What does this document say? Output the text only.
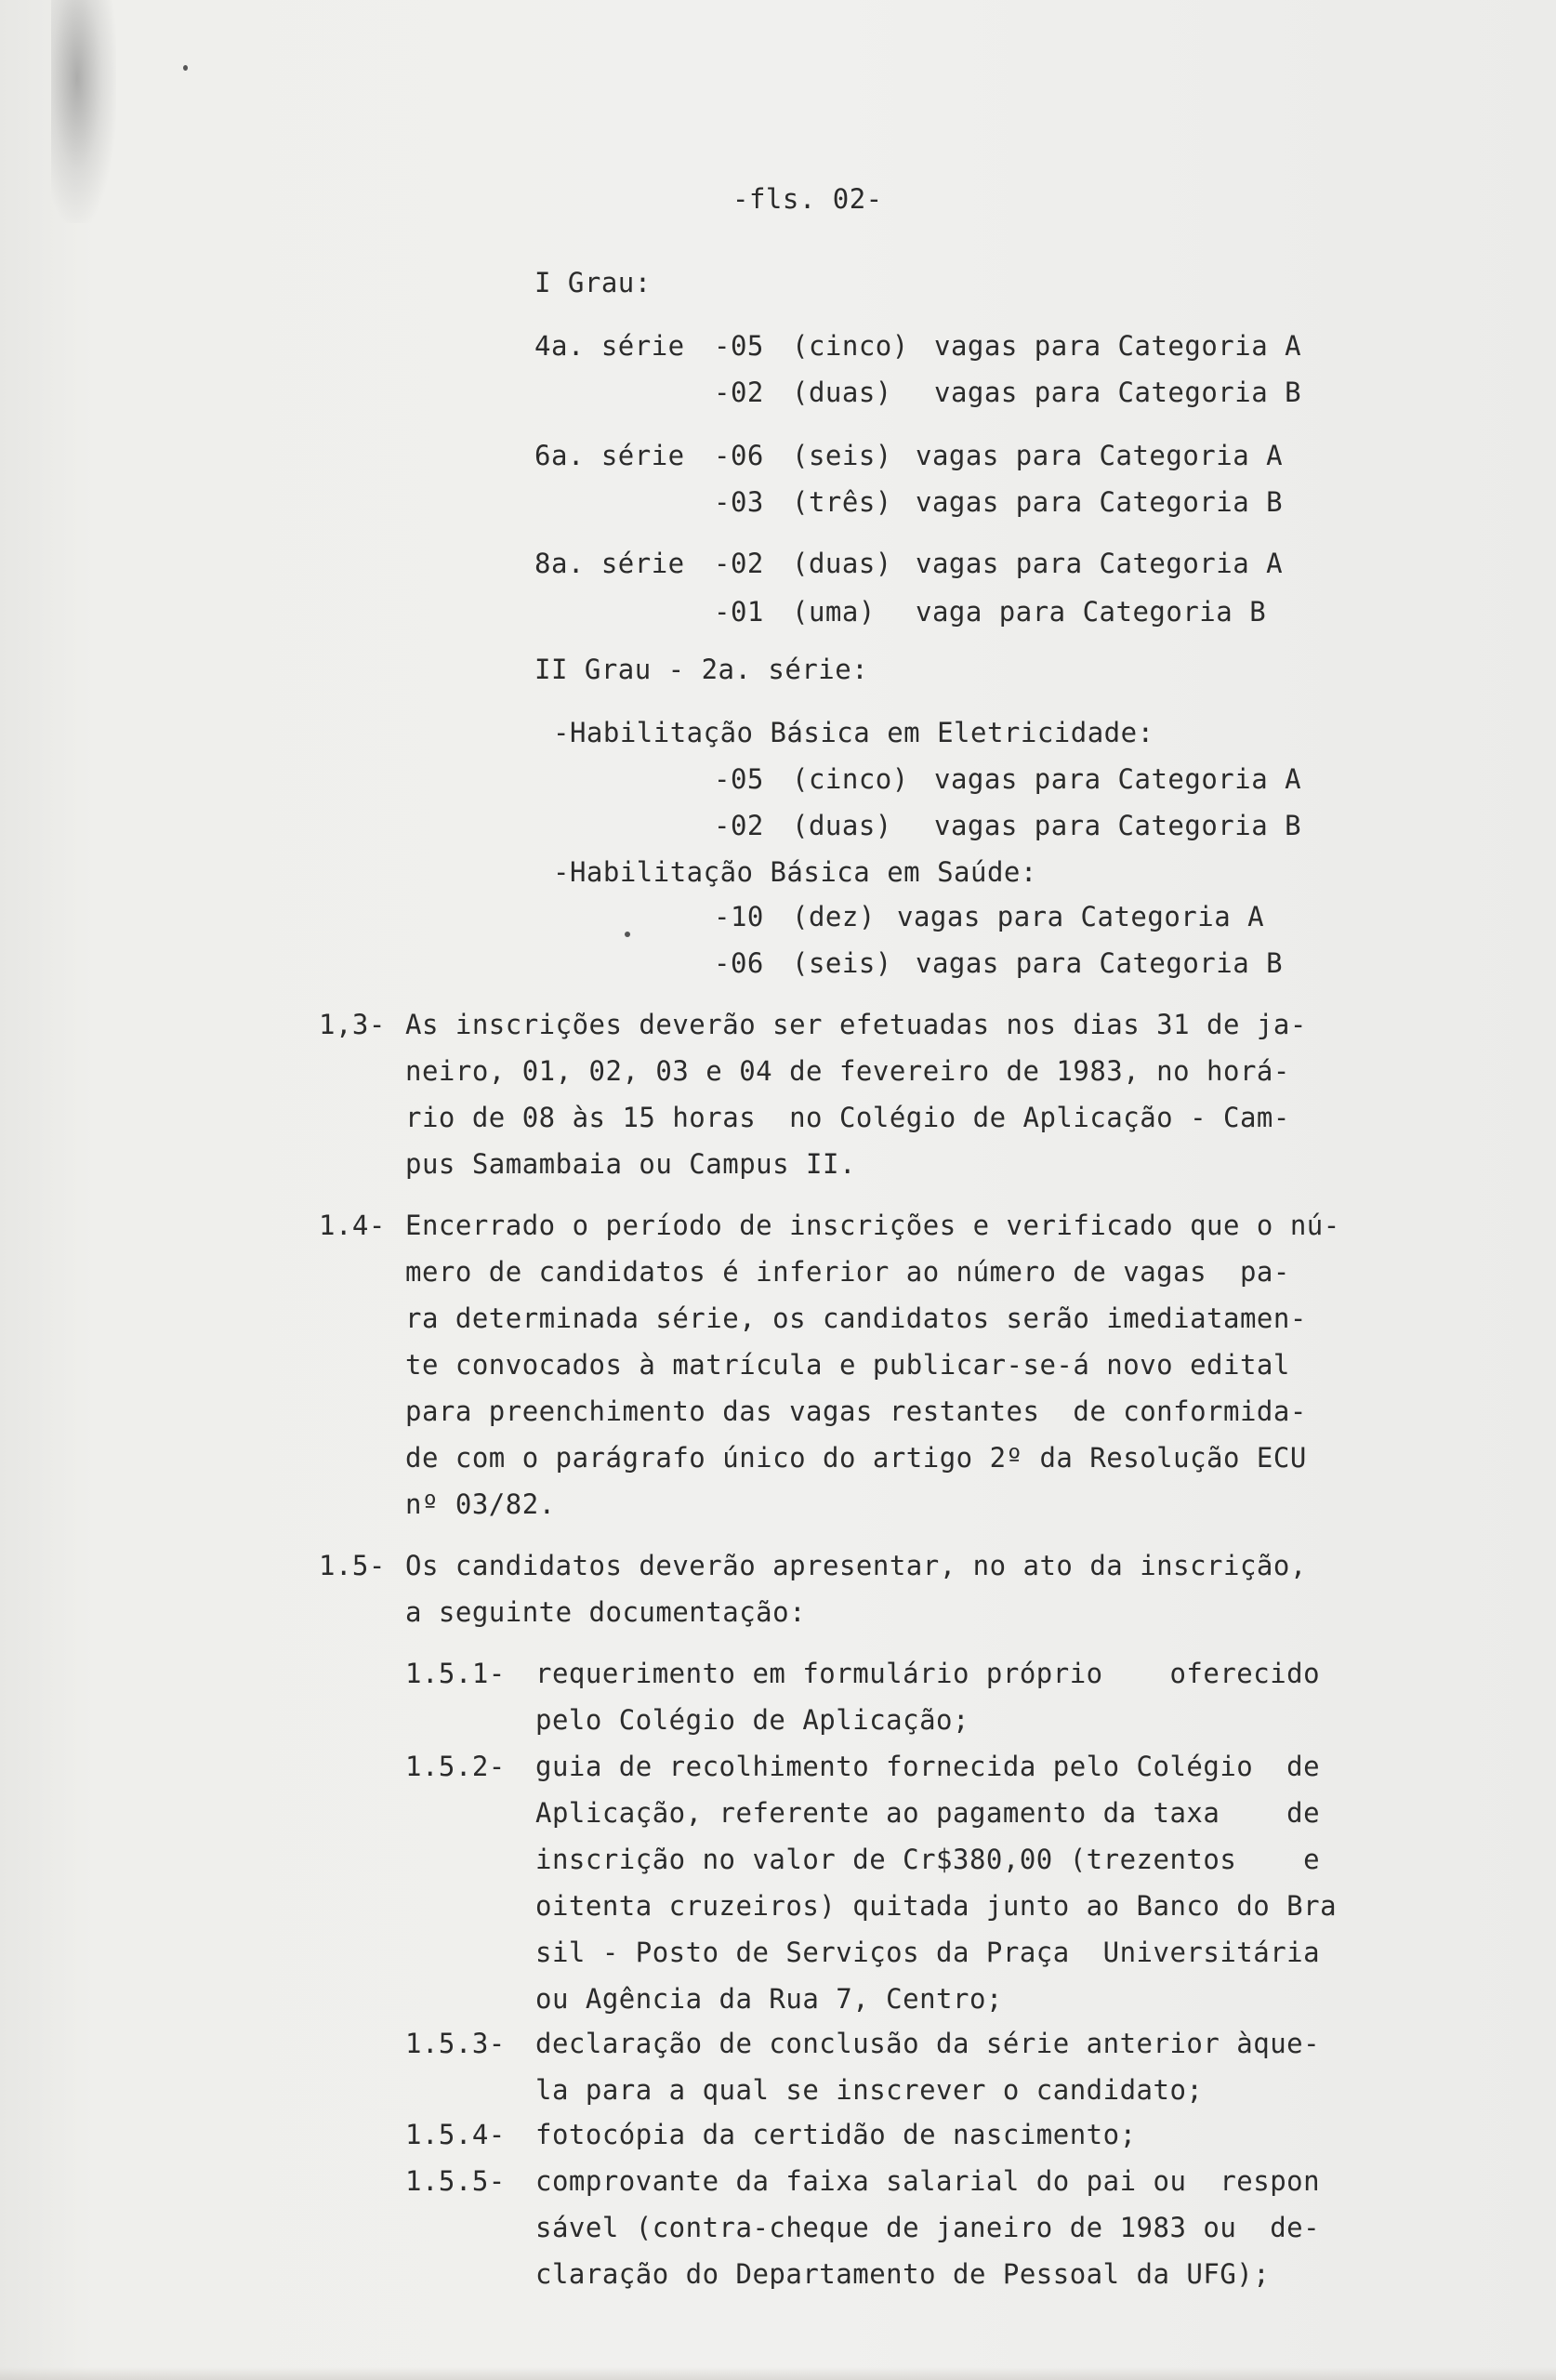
-fls. 02-
I Grau:
4a. série -05 (cinco) vagas para Categoria A
-02 (duas) vagas para Categoria B
6a. série -06 (seis) vagas para Categoria A
-03 (três) vagas para Categoria B
8a. série -02 (duas) vagas para Categoria A
-01 (uma) vaga para Categoria B
II Grau - 2a. série:
-Habilitação Básica em Eletricidade:
-05 (cinco) vagas para Categoria A
-02 (duas) vagas para Categoria B
-Habilitação Básica em Saúde:
-10 (dez) vagas para Categoria A
-06 (seis) vagas para Categoria B
1,3- As inscrições deverão ser efetuadas nos dias 31 de ja-
neiro, 01, 02, 03 e 04 de fevereiro de 1983, no horá-
rio de 08 às 15 horas  no Colégio de Aplicação - Cam-
pus Samambaia ou Campus II.
1.4- Encerrado o período de inscrições e verificado que o nú-
mero de candidatos é inferior ao número de vagas  pa-
ra determinada série, os candidatos serão imediatamen-
te convocados à matrícula e publicar-se-á novo edital
para preenchimento das vagas restantes  de conformida-
de com o parágrafo único do artigo 2º da Resolução ECU
nº 03/82.
1.5- Os candidatos deverão apresentar, no ato da inscrição,
a seguinte documentação:
1.5.1- requerimento em formulário próprio    oferecido
pelo Colégio de Aplicação;
1.5.2- guia de recolhimento fornecida pelo Colégio  de
Aplicação, referente ao pagamento da taxa    de
inscrição no valor de Cr$380,00 (trezentos    e
oitenta cruzeiros) quitada junto ao Banco do Bra
sil - Posto de Serviços da Praça  Universitária
ou Agência da Rua 7, Centro;
1.5.3- declaração de conclusão da série anterior àque-
la para a qual se inscrever o candidato;
1.5.4- fotocópia da certidão de nascimento;
1.5.5- comprovante da faixa salarial do pai ou  respon
sável (contra-cheque de janeiro de 1983 ou  de-
claração do Departamento de Pessoal da UFG);
